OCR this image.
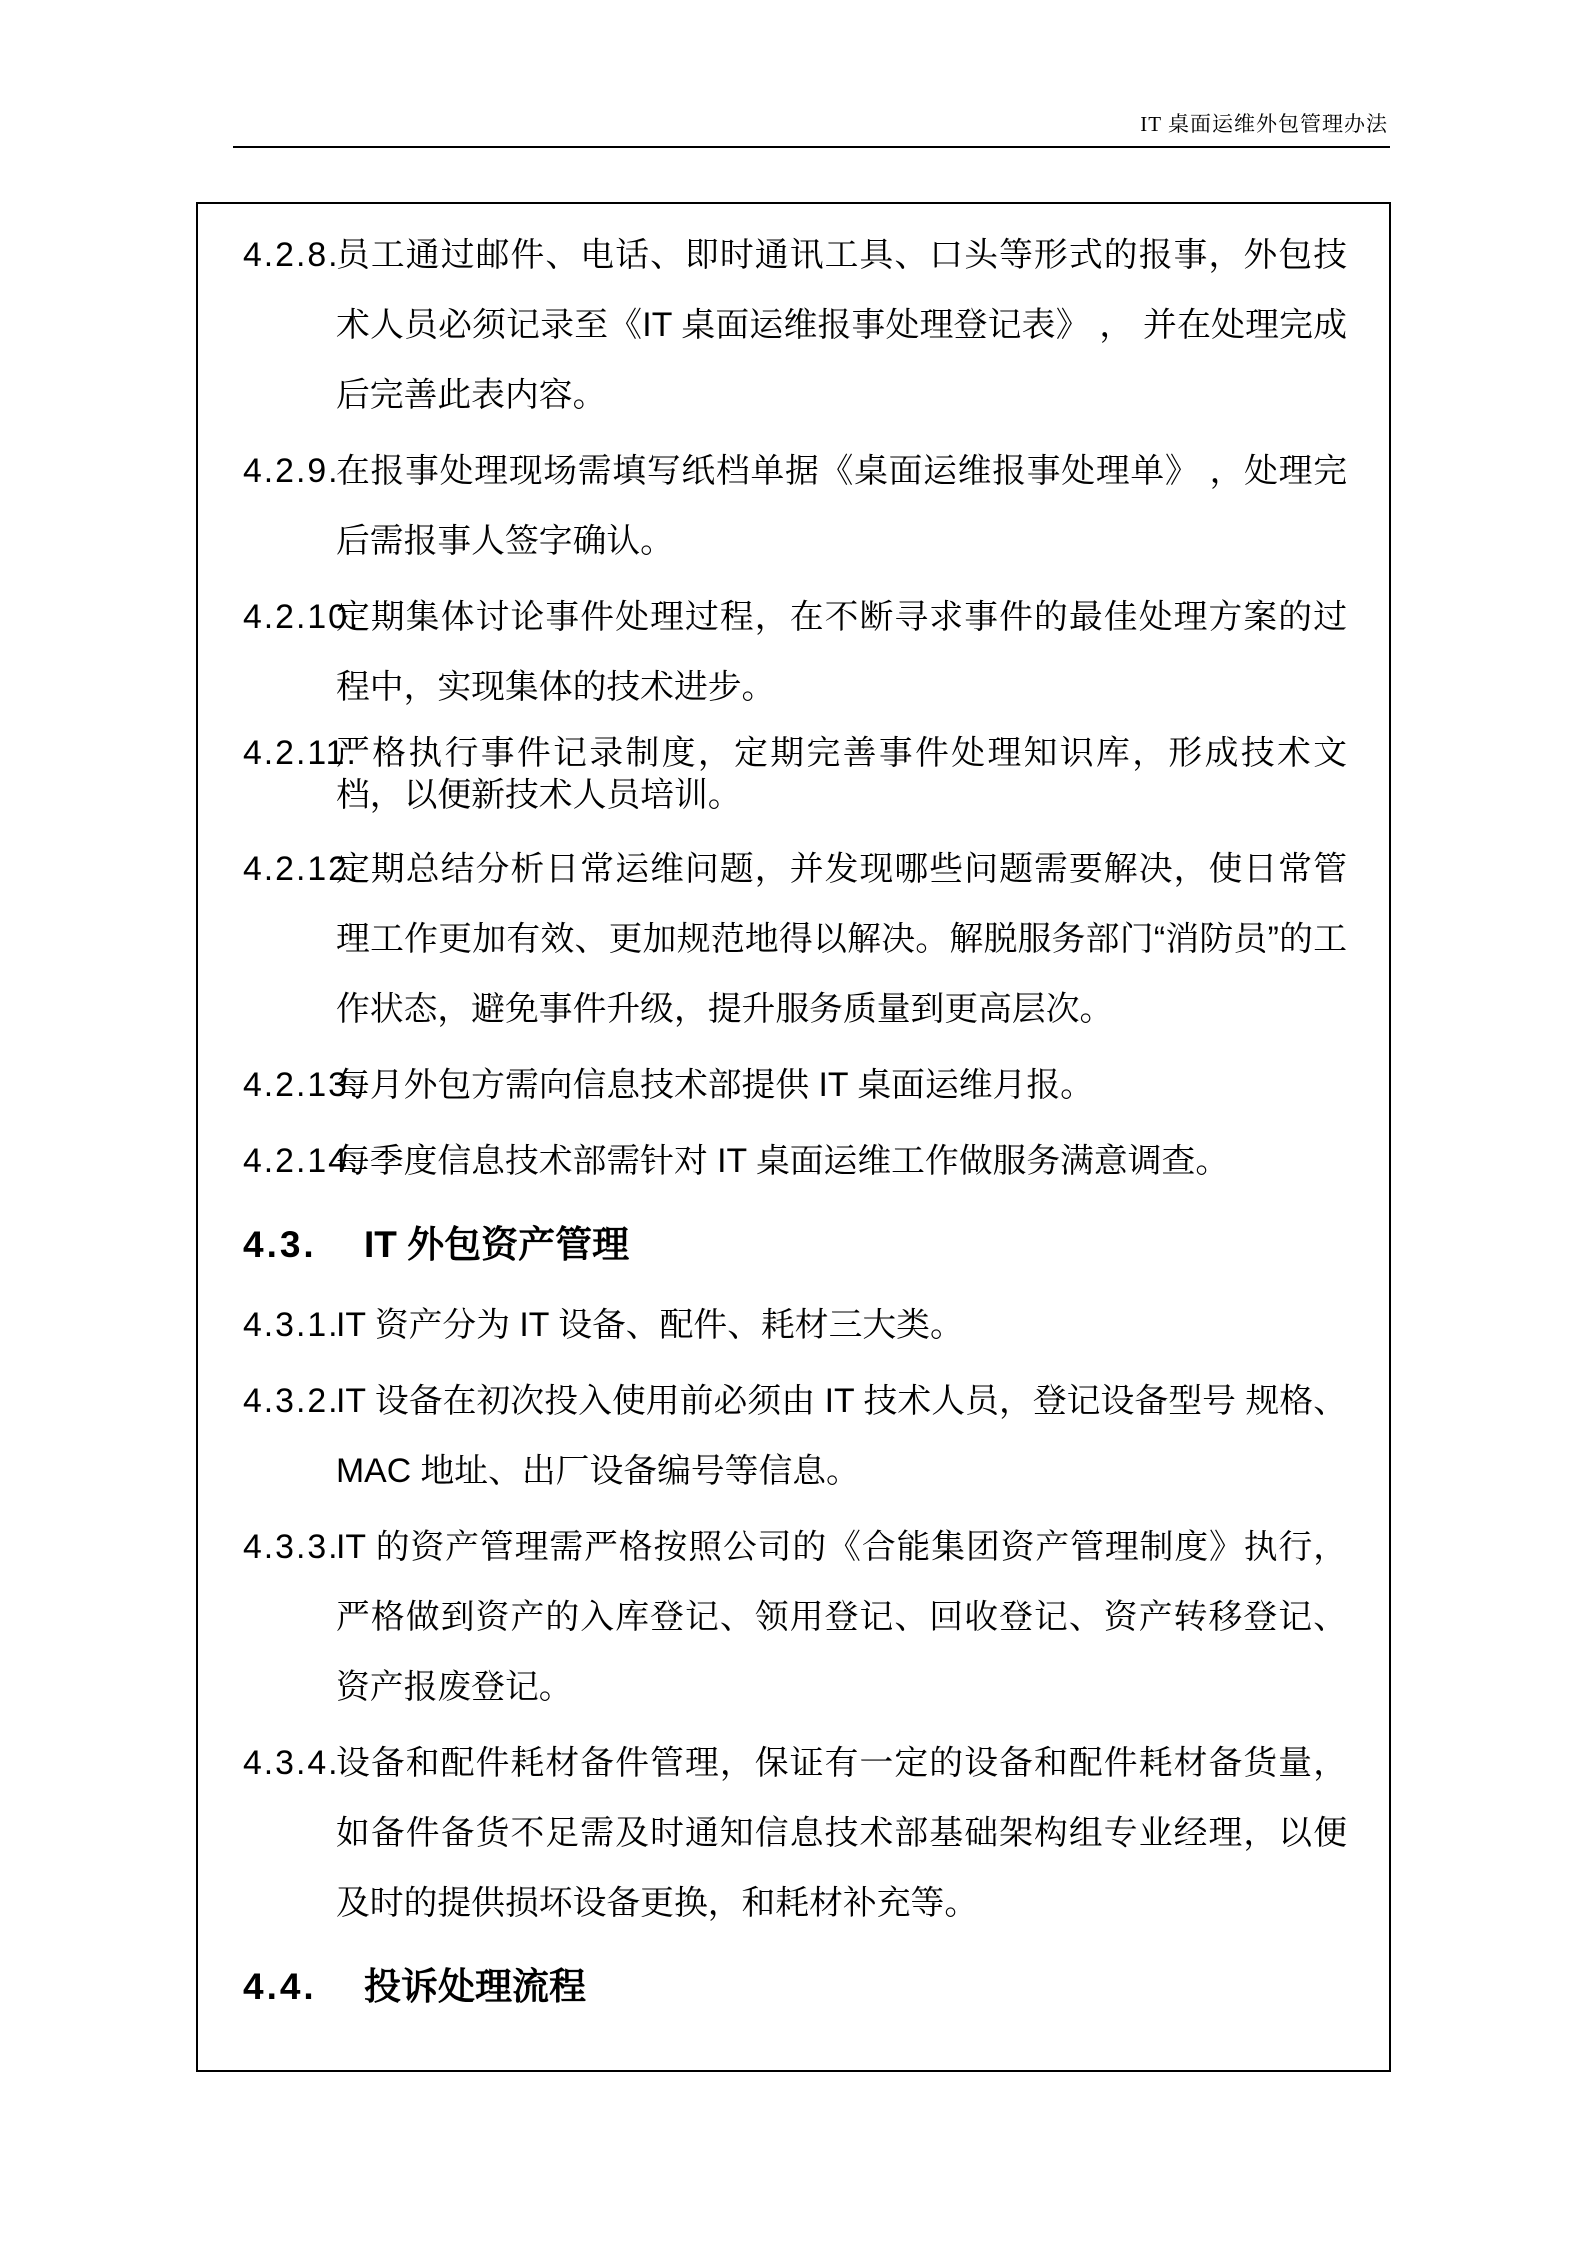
IT 桌面运维外包管理办法
4.2.8.
员工通过邮件、电话、即时通讯工具、口头等形式的报事，外包技术人员必须记录至《IT 桌面运维报事处理登记表》 ， 并在处理完成后完善此表内容。
4.2.9.
在报事处理现场需填写纸档单据《桌面运维报事处理单》 ，处理完后需报事人签字确认。
4.2.10.
定期集体讨论事件处理过程，在不断寻求事件的最佳处理方案的过程中，实现集体的技术进步。
4.2.11.
严格执行事件记录制度，定期完善事件处理知识库，形成技术文档，以便新技术人员培训。
4.2.12.
定期总结分析日常运维问题，并发现哪些问题需要解决，使日常管理工作更加有效、更加规范地得以解决。解脱服务部门“消防员”的工作状态，避免事件升级，提升服务质量到更高层次。
4.2.13.
每月外包方需向信息技术部提供 IT 桌面运维月报。
4.2.14.
每季度信息技术部需针对 IT 桌面运维工作做服务满意调查。
4.3. IT 外包资产管理
4.3.1.
IT 资产分为 IT 设备、配件、耗材三大类。
4.3.2.
IT 设备在初次投入使用前必须由 IT 技术人员，登记设备型号 规格、MAC 地址、出厂设备编号等信息。
4.3.3.
IT 的资产管理需严格按照公司的《合能集团资产管理制度》执行，严格做到资产的入库登记、领用登记、回收登记、资产转移登记、资产报废登记。
4.3.4.
设备和配件耗材备件管理，保证有一定的设备和配件耗材备货量，如备件备货不足需及时通知信息技术部基础架构组专业经理，以便及时的提供损坏设备更换，和耗材补充等。
4.4. 投诉处理流程
